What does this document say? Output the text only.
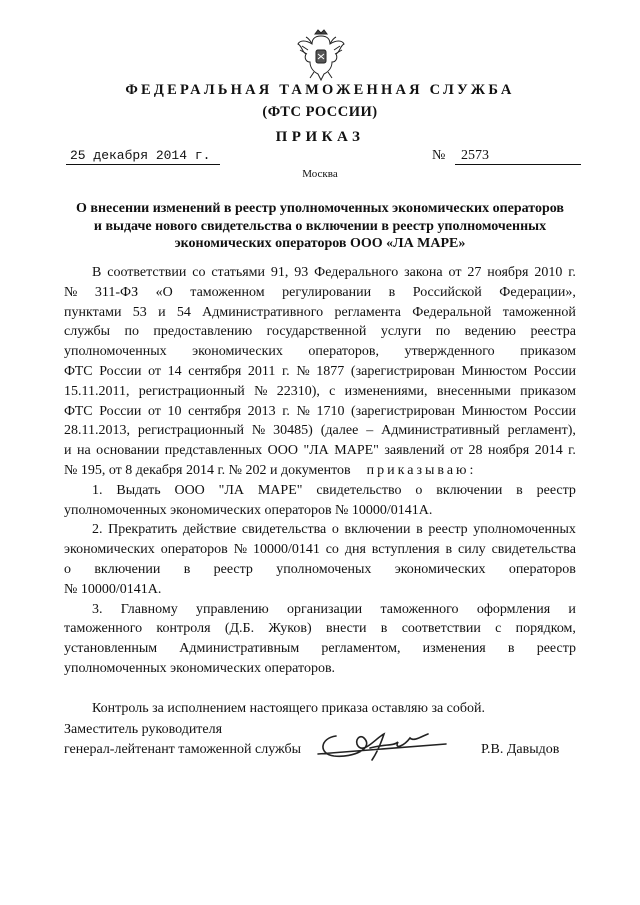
ФЕДЕРАЛЬНАЯ ТАМОЖЕННАЯ СЛУЖБА
(ФТС РОССИИ)
ПРИКАЗ
25 декабря 2014 г.	№	2573
Москва
О внесении изменений в реестр уполномоченных экономических операторов
и выдаче нового свидетельства о включении в реестр уполномоченных
экономических операторов ООО «ЛА МАРЕ»
В соответствии со статьями 91, 93 Федерального закона от 27 ноября 2010 г.
№ 311-ФЗ «О таможенном регулировании в Российской Федерации»,
пунктами 53 и 54 Административного регламента Федеральной таможенной
службы по предоставлению государственной услуги по ведению реестра
уполномоченных экономических операторов, утвержденного приказом
ФТС России от 14 сентября 2011 г. № 1877 (зарегистрирован Минюстом России
15.11.2011, регистрационный № 22310), с изменениями, внесенными приказом
ФТС России от 10 сентября 2013 г. № 1710 (зарегистрирован Минюстом России
28.11.2013, регистрационный № 30485) (далее – Административный регламент),
и на основании представленных ООО "ЛА МАРЕ" заявлений от 28 ноября 2014 г.
№ 195, от 8 декабря 2014 г. № 202 и документов приказываю:
1. Выдать ООО "ЛА МАРЕ" свидетельство о включении в реестр
уполномоченных экономических операторов № 10000/0141А.
2. Прекратить действие свидетельства о включении в реестр уполномоченных
экономических операторов № 10000/0141 со дня вступления в силу свидетельства
о включении в реестр уполномоченых экономических операторов
№ 10000/0141А.
3. Главному управлению организации таможенного оформления и
таможенного контроля (Д.Б. Жуков) внести в соответствии с порядком,
установленным Административным регламентом, изменения в реестр
уполномоченных экономических операторов.
Контроль за исполнением настоящего приказа оставляю за собой.
Заместитель руководителя
генерал-лейтенант таможенной службы	Р.В. Давыдов
